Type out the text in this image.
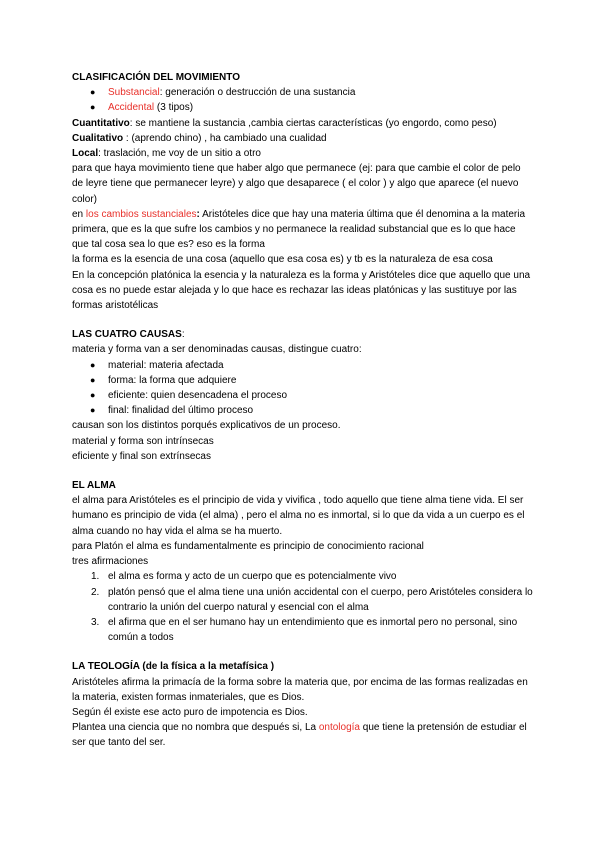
CLASIFICACIÓN DEL MOVIMIENTO

● Substancial: generación o destrucción de una sustancia
● Accidental (3 tipos)

Cuantitativo: se mantiene la sustancia ,cambia ciertas características (yo engordo, como peso)

Cualitativo : (aprendo chino) , ha cambiado una cualidad

Local: traslación, me voy de un sitio a otro

para que haya movimiento tiene que haber algo que permanece (ej: para que cambie el color de pelo de leyre tiene que permanecer leyre) y algo que desaparece ( el color ) y algo que aparece (el nuevo color)

en los cambios sustanciales: Aristóteles dice que hay una materia última que él denomina a la materia primera, que es la que sufre los cambios y no permanece la realidad substancial que es lo que hace que tal cosa sea lo que es? eso es la forma

la forma es la esencia de una cosa (aquello que esa cosa es) y tb es la naturaleza de esa cosa

En la concepción platónica la esencia y la naturaleza es la forma y Aristóteles dice que aquello que una cosa es no puede estar alejada y lo que hace es rechazar las ideas platónicas y las sustituye por las formas aristotélicas

LAS CUATRO CAUSAS:

materia y forma van a ser denominadas causas, distingue cuatro:

● material: materia afectada
● forma: la forma que adquiere
● eficiente: quien desencadena el proceso
● final: finalidad del último proceso

causan son los distintos porqués explicativos de un proceso.

material y forma son intrínsecas

eficiente y final son extrínsecas

EL ALMA

el alma para Aristóteles es el principio de vida y vivifica , todo aquello que tiene alma tiene vida. El ser humano es principio de vida (el alma) , pero el alma no es inmortal, si lo que da vida a un cuerpo es el alma cuando no hay vida el alma se ha muerto.

para Platón el alma es fundamentalmente es principio de conocimiento racional

tres afirmaciones

1. el alma es forma y acto de un cuerpo que es potencialmente vivo
2. platón pensó que el alma tiene una unión accidental con el cuerpo, pero Aristóteles considera lo contrario la unión del cuerpo natural y esencial con el alma
3. el afirma que en el ser humano hay un entendimiento que es inmortal pero no personal, sino común a todos

LA TEOLOGÍA (de la física a la metafísica )

Aristóteles afirma la primacía de la forma sobre la materia que, por encima de las formas realizadas en la materia, existen formas inmateriales, que es Dios.

Según él existe ese acto puro de impotencia es Dios.

Plantea una ciencia que no nombra que después si, La ontología que tiene la pretensión de estudiar el ser que tanto del ser.
